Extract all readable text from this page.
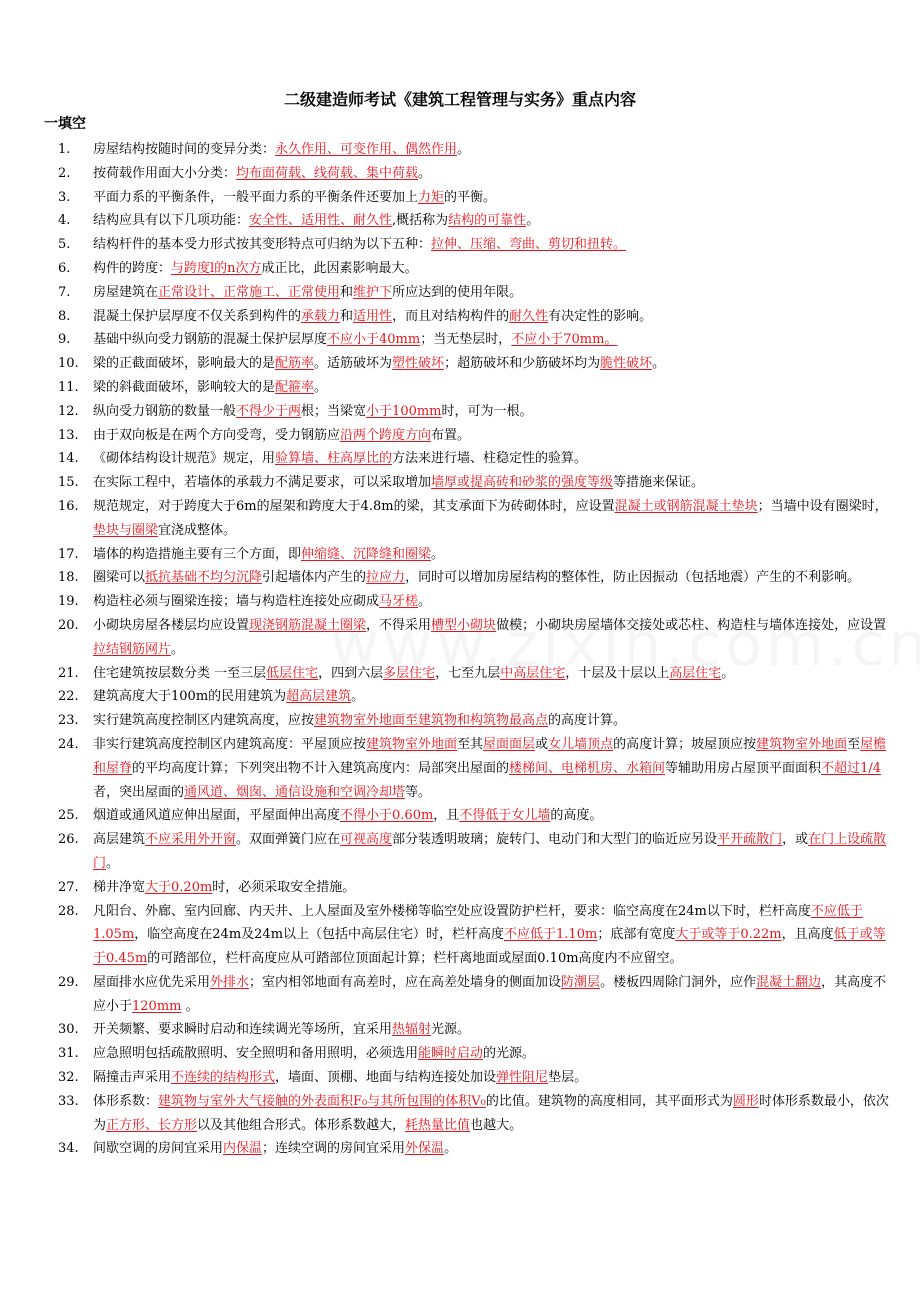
二级建造师考试《建筑工程管理与实务》重点内容
一填空
1.	房屋结构按随时间的变异分类：永久作用、可变作用、偶然作用。
2.	按荷载作用面大小分类：均布面荷载、线荷载、集中荷载。
3.	平面力系的平衡条件，一般平面力系的平衡条件还要加上力矩的平衡。
4.	结构应具有以下几项功能：安全性、适用性、耐久性,概括称为结构的可靠性。
5.	结构杆件的基本受力形式按其变形特点可归纳为以下五种：拉伸、压缩、弯曲、剪切和扭转。
6.	构件的跨度：与跨度l的n次方成正比，此因素影响最大。
7.	房屋建筑在正常设计、正常施工、正常使用和维护下所应达到的使用年限。
8.	混凝土保护层厚度不仅关系到构件的承载力和适用性，而且对结构构件的耐久性有决定性的影响。
9.	基础中纵向受力钢筋的混凝土保护层厚度不应小于40mm；当无垫层时，不应小于70mm。
10.	梁的正截面破坏，影响最大的是配筋率。适筋破坏为塑性破坏；超筋破坏和少筋破坏均为脆性破坏。
11.	梁的斜截面破坏，影响较大的是配箍率。
12.	纵向受力钢筋的数量一般不得少于两根；当梁宽小于100mm时，可为一根。
13.	由于双向板是在两个方向受弯，受力钢筋应沿两个跨度方向布置。
14.	《砌体结构设计规范》规定，用验算墙、柱高厚比的方法来进行墙、柱稳定性的验算。
15.	在实际工程中，若墙体的承载力不满足要求，可以采取增加墙厚或提高砖和砂浆的强度等级等措施来保证。
16.	规范规定，对于跨度大于6m的屋架和跨度大于4.8m的梁，其支承面下为砖砌体时，应设置混凝土或钢筋混凝土垫块；当墙中设有圈梁时，垫块与圈梁宜浇成整体。
17.	墙体的构造措施主要有三个方面，即伸缩缝、沉降缝和圈梁。
18.	圈梁可以抵抗基础不均匀沉降引起墙体内产生的拉应力，同时可以增加房屋结构的整体性，防止因振动（包括地震）产生的不利影响。
19.	构造柱必须与圈梁连接；墙与构造柱连接处应砌成马牙槎。
20.	小砌块房屋各楼层均应设置现浇钢筋混凝土圈梁，不得采用槽型小砌块做模；小砌块房屋墙体交接处或芯柱、构造柱与墙体连接处，应设置拉结钢筋网片。
21.	住宅建筑按层数分类 一至三层低层住宅，四到六层多层住宅，七至九层中高层住宅，十层及十层以上高层住宅。
22.	建筑高度大于100m的民用建筑为超高层建筑。
23.	实行建筑高度控制区内建筑高度，应按建筑物室外地面至建筑物和构筑物最高点的高度计算。
24.	非实行建筑高度控制区内建筑高度：平屋顶应按建筑物室外地面至其屋面面层或女儿墙顶点的高度计算；坡屋顶应按建筑物室外地面至屋檐和屋脊的平均高度计算；下列突出物不计入建筑高度内：局部突出屋面的楼梯间、电梯机房、水箱间等辅助用房占屋顶平面面积不超过1/4者，突出屋面的通风道、烟囱、通信设施和空调冷却塔等。
25.	烟道或通风道应伸出屋面，平屋面伸出高度不得小于0.60m，且不得低于女儿墙的高度。
26.	高层建筑不应采用外开窗。双面弹簧门应在可视高度部分装透明玻璃；旋转门、电动门和大型门的临近应另设平开疏散门，或在门上设疏散门。
27.	梯井净宽大于0.20m时，必须采取安全措施。
28.	凡阳台、外廊、室内回廊、内天井、上人屋面及室外楼梯等临空处应设置防护栏杆，要求：临空高度在24m以下时，栏杆高度不应低于1.05m，临空高度在24m及24m以上（包括中高层住宅）时，栏杆高度不应低于1.10m；底部有宽度大于或等于0.22m，且高度低于或等于0.45m的可踏部位，栏杆高度应从可踏部位顶面起计算；栏杆离地面或屋面0.10m高度内不应留空。
29.	屋面排水应优先采用外排水；室内相邻地面有高差时，应在高差处墙身的侧面加设防潮层。楼板四周除门洞外，应作混凝土翻边，其高度不应小于120mm 。
30.	开关频繁、要求瞬时启动和连续调光等场所，宜采用热辐射光源。
31.	应急照明包括疏散照明、安全照明和备用照明，必须选用能瞬时启动的光源。
32.	隔撞击声采用不连续的结构形式，墙面、顶棚、地面与结构连接处加设弹性阻尼垫层。
33.	体形系数：建筑物与室外大气接触的外表面积F₀与其所包围的体积V₀的比值。建筑物的高度相同，其平面形式为圆形时体形系数最小，依次为正方形、长方形以及其他组合形式。体形系数越大，耗热量比值也越大。
34.	间歇空调的房间宜采用内保温；连续空调的房间宜采用外保温。
